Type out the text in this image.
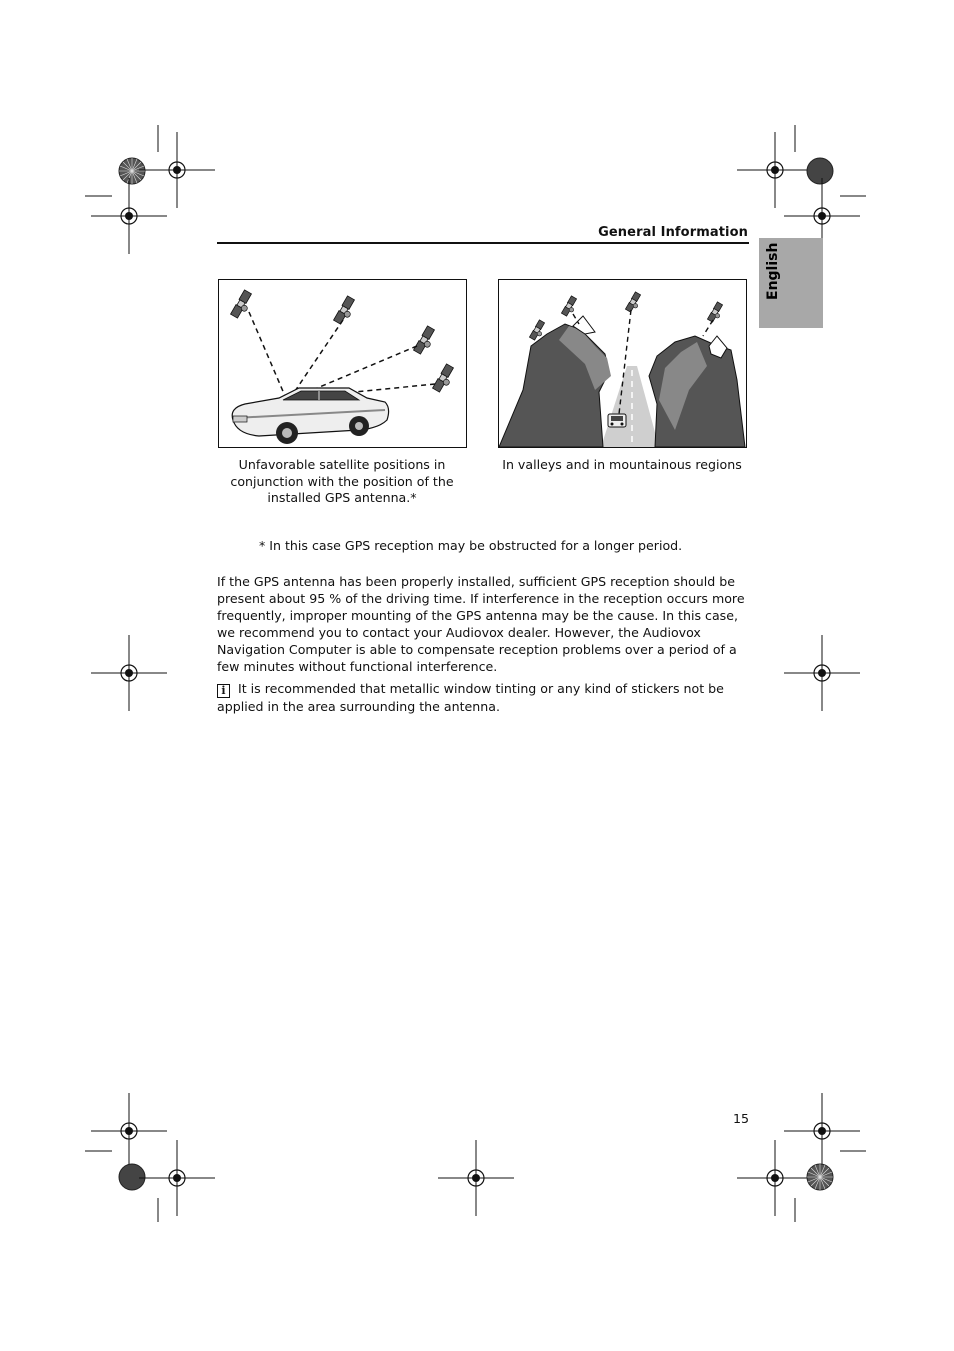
General Information
English
Unfavorable satellite positions in conjunction with the position of the installed GPS antenna.*
In valleys and in mountainous regions
* In this case GPS reception may be obstructed for a longer period.

If the GPS antenna has been properly installed, sufficient GPS reception should be present about 95 % of the driving time. If interference in the reception occurs more frequently, improper mounting of the GPS antenna may be the cause. In this case, we recommend you to contact your Audiovox dealer. However, the Audiovox Navigation Computer is able to compensate reception problems over a period of a few minutes without functional interference.

i It is recommended that metallic window tinting or any kind of stickers not be applied in the area surrounding the antenna.

15
